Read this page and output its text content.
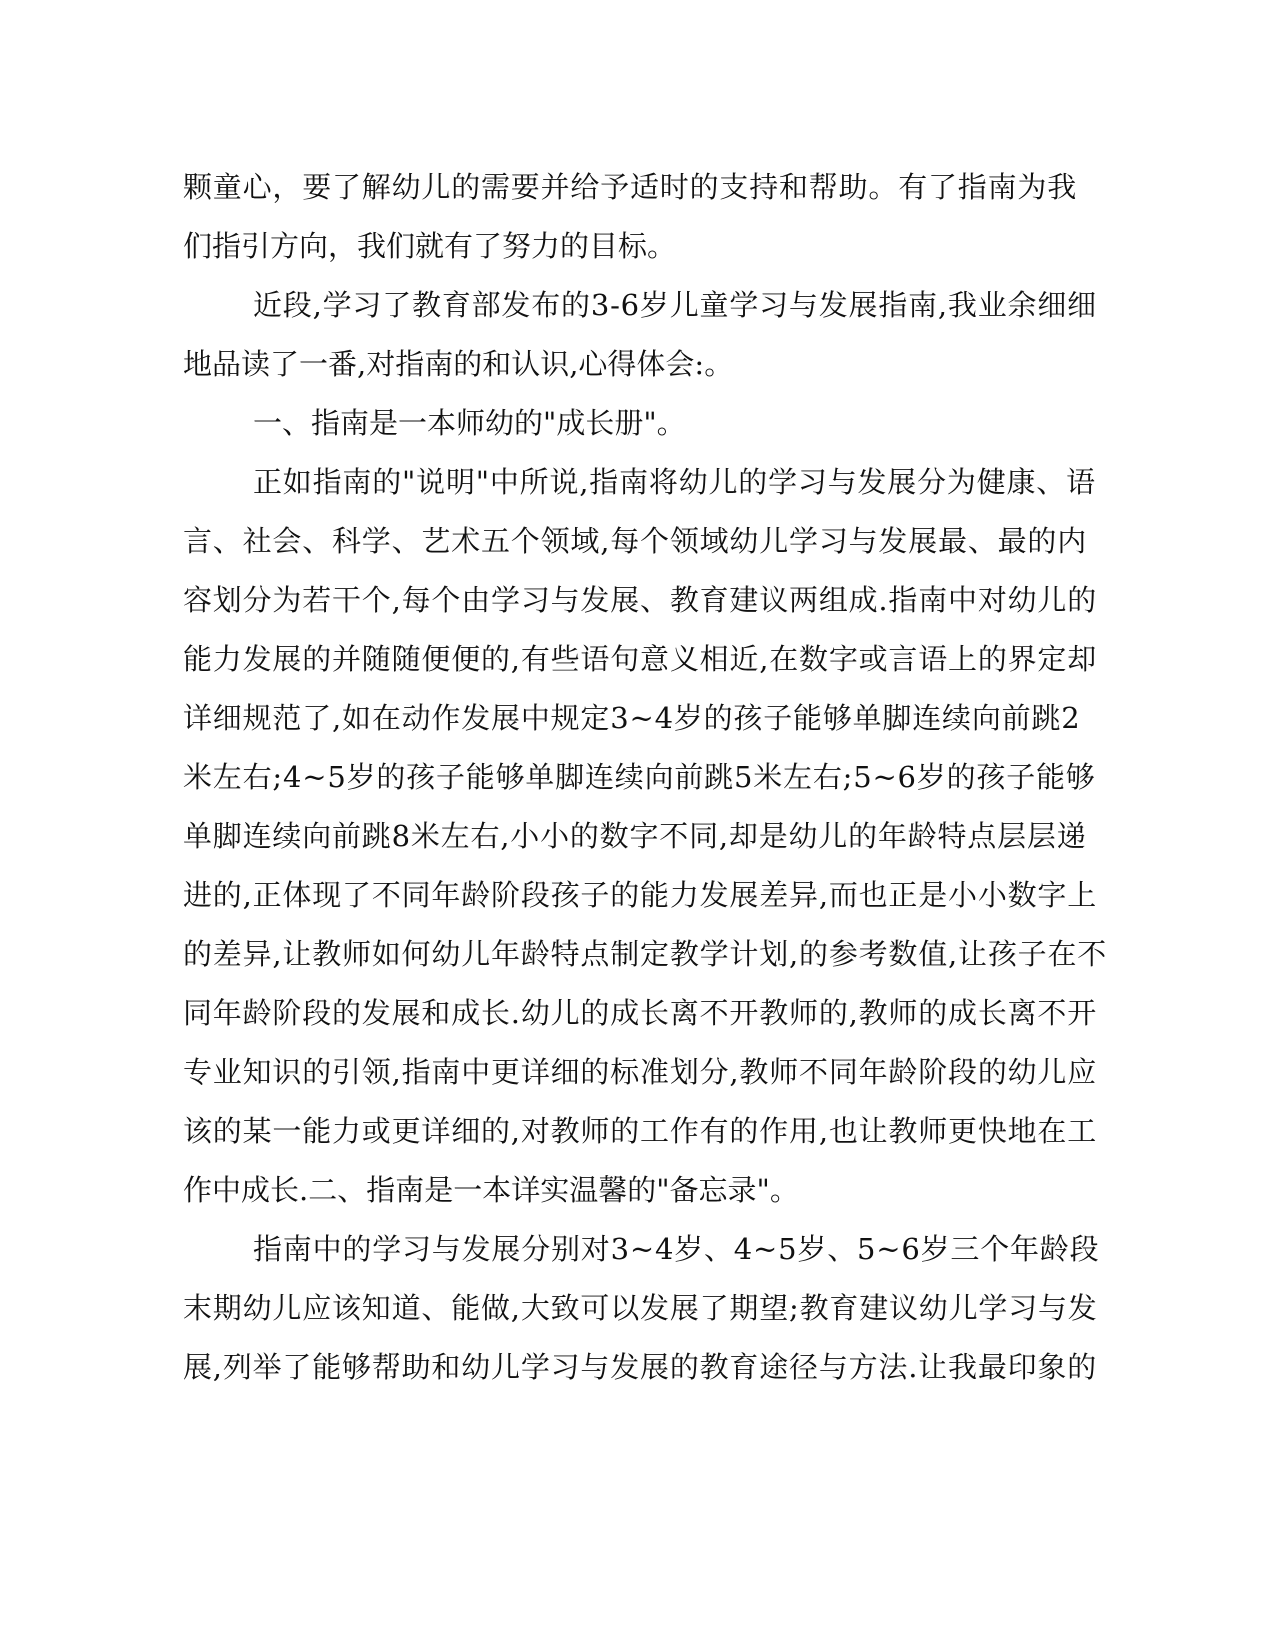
颗童心，要了解幼儿的需要并给予适时的支持和帮助。有了指南为我
们指引方向，我们就有了努力的目标。
近段,学习了教育部发布的3-6岁儿童学习与发展指南,我业余细细
地品读了一番,对指南的和认识,心得体会:。
一、指南是一本师幼的"成长册"。
正如指南的"说明"中所说,指南将幼儿的学习与发展分为健康、语
言、社会、科学、艺术五个领域,每个领域幼儿学习与发展最、最的内
容划分为若干个,每个由学习与发展、教育建议两组成.指南中对幼儿的
能力发展的并随随便便的,有些语句意义相近,在数字或言语上的界定却
详细规范了,如在动作发展中规定3~4岁的孩子能够单脚连续向前跳2
米左右;4~5岁的孩子能够单脚连续向前跳5米左右;5~6岁的孩子能够
单脚连续向前跳8米左右,小小的数字不同,却是幼儿的年龄特点层层递
进的,正体现了不同年龄阶段孩子的能力发展差异,而也正是小小数字上
的差异,让教师如何幼儿年龄特点制定教学计划,的参考数值,让孩子在不
同年龄阶段的发展和成长.幼儿的成长离不开教师的,教师的成长离不开
专业知识的引领,指南中更详细的标准划分,教师不同年龄阶段的幼儿应
该的某一能力或更详细的,对教师的工作有的作用,也让教师更快地在工
作中成长.二、指南是一本详实温馨的"备忘录"。
指南中的学习与发展分别对3~4岁、4~5岁、5~6岁三个年龄段
末期幼儿应该知道、能做,大致可以发展了期望;教育建议幼儿学习与发
展,列举了能够帮助和幼儿学习与发展的教育途径与方法.让我最印象的
